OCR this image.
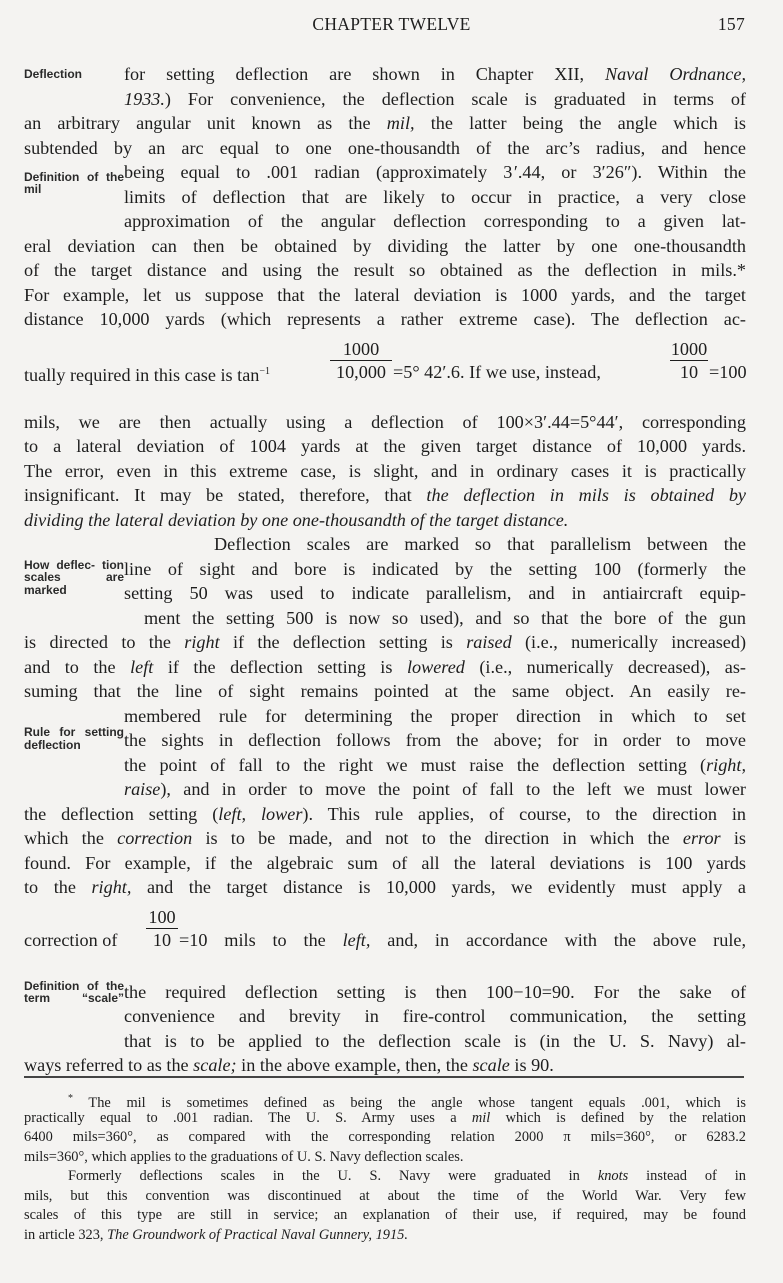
CHAPTER TWELVE	157
Deflection	for setting deflection are shown in Chapter XII, Naval Ordnance,
1933.) For convenience, the deflection scale is graduated in terms of
an arbitrary angular unit known as the mil, the latter being the angle which is
subtended by an arc equal to one one-thousandth of the arc’s radius, and hence
being equal to .001 radian (approximately 3 ′.44, or 3′26″). Within the
Definition of the mil	limits of deflection that are likely to occur in practice, a very close
approximation of the angular deflection corresponding to a given lat-
eral deviation can then be obtained by dividing the latter by one one-thousandth
of the target distance and using the result so obtained as the deflection in mils.*
For example, let us suppose that the lateral deviation is 1000 yards, and the target
distance 10,000 yards (which represents a rather extreme case). The deflection ac-
tually required in this case is $\tan^{-1}$
1000
10,000 =5° 42′.6. If we use, instead,
1000
10 =100
mils, we are then actually using a deflection of 100×3′.44=5°44′, corresponding
to a lateral deviation of 1004 yards at the given target distance of 10,000 yards.
The error, even in this extreme case, is slight, and in ordinary cases it is practically
insignificant. It may be stated, therefore, that the deflection in mils is obtained by
dividing the lateral deviation by one one-thousandth of the target distance.
Deflection scales are marked so that parallelism between the
How deflec- tion scales are marked
line of sight and bore is indicated by the setting 100 (formerly the
setting 50 was used to indicate parallelism, and in antiaircraft equip-
ment the setting 500 is now so used), and so that the bore of the gun
is directed to the right if the deflection setting is raised (i.e., numerically increased)
and to the left if the deflection setting is lowered (i.e., numerically decreased), as-
suming that the line of sight remains pointed at the same object. An easily re-
membered rule for determining the proper direction in which to set
Rule for setting deflection	the sights in deflection follows from the above; for in order to move
the point of fall to the right we must raise the deflection setting (right,
raise), and in order to move the point of fall to the left we must lower
the deflection setting (left, lower). This rule applies, of course, to the direction in
which the correction is to be made, and not to the direction in which the error is
found. For example, if the algebraic sum of all the lateral deviations is 100 yards
to the right, and the target distance is 10,000 yards, we evidently must apply a
correction of
100
10 =10 mils to the left, and, in accordance with the above rule,
Definition of the term “scale” the required deflection setting is then 100−10=90. For the sake of
convenience and brevity in fire-control communication, the setting
that is to be applied to the deflection scale is (in the U. S. Navy) al-
ways referred to as the scale; in the above example, then, the scale is 90.
* The mil is sometimes defined as being the angle whose tangent equals .001, which is
practically equal to .001 radian. The U. S. Army uses a mil which is defined by the relation
6400 mils=360°, as compared with the corresponding relation 2000 π mils=360°, or 6283.2
mils=360°, which applies to the graduations of U. S. Navy deflection scales.
Formerly deflections scales in the U. S. Navy were graduated in knots instead of in
mils, but this convention was discontinued at about the time of the World War. Very few
scales of this type are still in service; an explanation of their use, if required, may be found
in article 323, The Groundwork of Practical Naval Gunnery, 1915.
